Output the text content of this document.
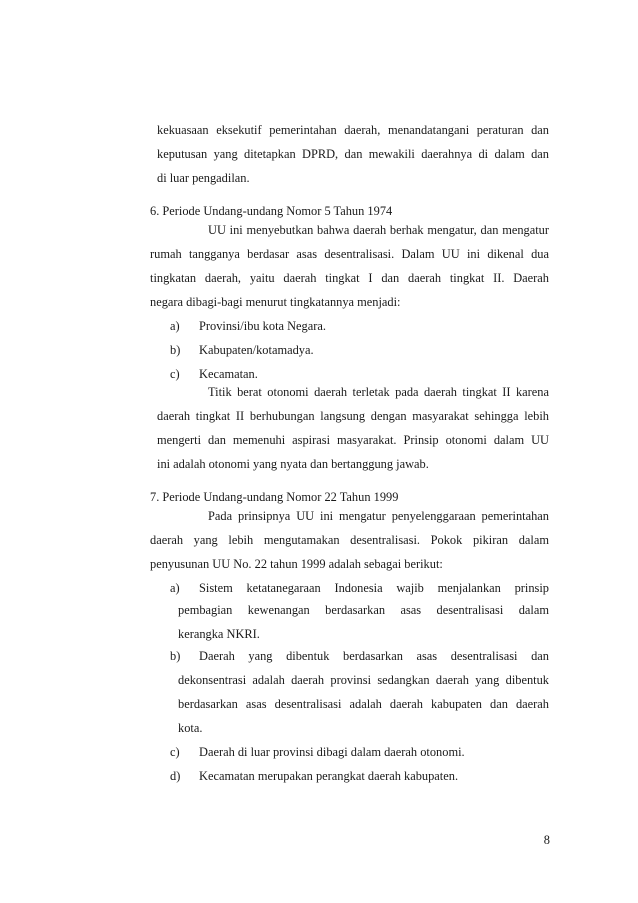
kekuasaan eksekutif pemerintahan daerah, menandatangani peraturan dan
keputusan yang ditetapkan DPRD, dan mewakili daerahnya di dalam dan
di luar pengadilan.
6. Periode Undang-undang Nomor 5 Tahun 1974
UU ini menyebutkan bahwa daerah berhak mengatur, dan mengatur
rumah tangganya berdasar asas desentralisasi. Dalam UU ini dikenal dua
tingkatan daerah, yaitu daerah tingkat I dan daerah tingkat II. Daerah
negara dibagi-bagi menurut tingkatannya menjadi:
a) Provinsi/ibu kota Negara.
b) Kabupaten/kotamadya.
c) Kecamatan.
Titik berat otonomi daerah terletak pada daerah tingkat II karena
daerah tingkat II berhubungan langsung dengan masyarakat sehingga lebih
mengerti dan memenuhi aspirasi masyarakat. Prinsip otonomi dalam UU
ini adalah otonomi yang nyata dan bertanggung jawab.
7. Periode Undang-undang Nomor 22 Tahun 1999
Pada prinsipnya UU ini mengatur penyelenggaraan pemerintahan
daerah yang lebih mengutamakan desentralisasi. Pokok pikiran dalam
penyusunan UU No. 22 tahun 1999 adalah sebagai berikut:
a) Sistem ketatanegaraan Indonesia wajib menjalankan prinsip
pembagian kewenangan berdasarkan asas desentralisasi dalam
kerangka NKRI.
b) Daerah yang dibentuk berdasarkan asas desentralisasi dan
dekonsentrasi adalah daerah provinsi sedangkan daerah yang dibentuk
berdasarkan asas desentralisasi adalah daerah kabupaten dan daerah
kota.
c) Daerah di luar provinsi dibagi dalam daerah otonomi.
d) Kecamatan merupakan perangkat daerah kabupaten.
8
